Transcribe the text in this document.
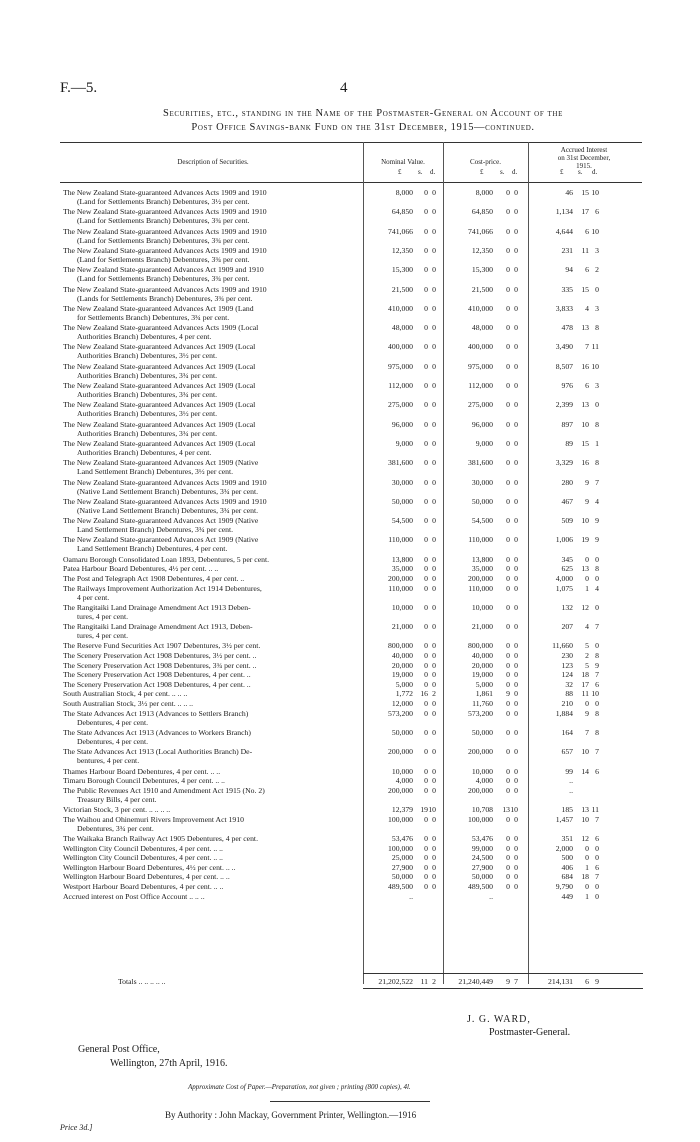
F.—5.	4
Securities, etc., standing in the Name of the Postmaster-General on Account of the
Post Office Savings-bank Fund on the 31st December, 1915—continued.
Description of Securities.	Nominal Value.	Cost-price.
Accrued Interest
on 31st December,
1915.
£ s. d.	£ s. d.	£ s. d.
The New Zealand State-guaranteed Advances Acts 1909 and 1910
(Land for Settlements Branch) Debentures, 3½ per cent.
8,000	0 0	8,000	0 0	46	15 10
The New Zealand State-guaranteed Advances Acts 1909 and 1910
(Land for Settlements Branch) Debentures, 3¾ per cent.
64,850	0 0	64,850	0 0	1,134	17 6
The New Zealand State-guaranteed Advances Acts 1909 and 1910
(Land for Settlements Branch) Debentures, 3¾ per cent.
741,066	0 0	741,066	0 0	4,644	6 10
The New Zealand State-guaranteed Advances Acts 1909 and 1910
(Land for Settlements Branch) Debentures, 3¾ per cent.
12,350	0 0	12,350	0 0	231	11 3
The New Zealand State-guaranteed Advances Act 1909 and 1910
(Land for Settlements Branch) Debentures, 3¾ per cent.
15,300	0 0	15,300	0 0	94	6 2
The New Zealand State-guaranteed Advances Acts 1909 and 1910
(Lands for Settlements Branch) Debentures, 3¾ per cent.
21,500	0 0	21,500	0 0	335	15 0
The New Zealand State-guaranteed Advances Act 1909 (Land
for Settlements Branch) Debentures, 3¾ per cent.
410,000	0 0	410,000	0 0	3,833	4 3
The New Zealand State-guaranteed Advances Acts 1909 (Local
Authorities Branch) Debentures, 4 per cent.
48,000	0 0	48,000	0 0	478	13 8
The New Zealand State-guaranteed Advances Act 1909 (Local
Authorities Branch) Debentures, 3½ per cent.
400,000	0 0	400,000	0 0	3,490	7 11
The New Zealand State-guaranteed Advances Act 1909 (Local
Authorities Branch) Debentures, 3¾ per cent.
975,000	0 0	975,000	0 0	8,507	16 10
The New Zealand State-guaranteed Advances Act 1909 (Local
Authorities Branch) Debentures, 3¾ per cent.
112,000	0 0	112,000	0 0	976	6 3
The New Zealand State-guaranteed Advances Act 1909 (Local
Authorities Branch) Debentures, 3½ per cent.
275,000	0 0	275,000	0 0	2,399	13 0
The New Zealand State-guaranteed Advances Act 1909 (Local
Authorities Branch) Debentures, 3¾ per cent.
96,000	0 0	96,000	0 0	897	10 8
The New Zealand State-guaranteed Advances Act 1909 (Local
Authorities Branch) Debentures, 4 per cent.
9,000	0 0	9,000	0 0	89	15 1
The New Zealand State-guaranteed Advances Act 1909 (Native
Land Settlement Branch) Debentures, 3½ per cent.
381,600	0 0	381,600	0 0	3,329	16 8
The New Zealand State-guaranteed Advances Acts 1909 and 1910
(Native Land Settlement Branch) Debentures, 3¾ per cent.
30,000	0 0	30,000	0 0	280	9 7
The New Zealand State-guaranteed Advances Acts 1909 and 1910
(Native Land Settlement Branch) Debentures, 3¾ per cent.
50,000	0 0	50,000	0 0	467	9 4
The New Zealand State-guaranteed Advances Act 1909 (Native
Land Settlement Branch) Debentures, 3¾ per cent.
54,500	0 0	54,500	0 0	509	10 9
The New Zealand State-guaranteed Advances Act 1909 (Native
Land Settlement Branch) Debentures, 4 per cent.
110,000	0 0	110,000	0 0	1,006	19 9
Oamaru Borough Consolidated Loan 1893, Debentures, 5 per cent.	13,800	0 0	13,800	0 0	345	0 0
Patea Harbour Board Debentures, 4½ per cent. .. ..	35,000	0 0	35,000	0 0	625	13 8
The Post and Telegraph Act 1908 Debentures, 4 per cent. ..	200,000	0 0	200,000	0 0	4,000	0 0
The Railways Improvement Authorization Act 1914 Debentures,
4 per cent.
110,000	0 0	110,000	0 0	1,075	1 4
The Rangitaiki Land Drainage Amendment Act 1913 Deben-
tures, 4 per cent.
10,000	0 0	10,000	0 0	132	12 0
The Rangitaiki Land Drainage Amendment Act 1913, Deben-
tures, 4 per cent.
21,000	0 0	21,000	0 0	207	4 7
The Reserve Fund Securities Act 1907 Debentures, 3½ per cent.	800,000	0 0	800,000	0 0	11,660	5 0
The Scenery Preservation Act 1908 Debentures, 3½ per cent. ..	40,000	0 0	40,000	0 0	230	2 8
The Scenery Preservation Act 1908 Debentures, 3¾ per cent. ..	20,000	0 0	20,000	0 0	123	5 9
The Scenery Preservation Act 1908 Debentures, 4 per cent. ..	19,000	0 0	19,000	0 0	124	18 7
The Scenery Preservation Act 1908 Debentures, 4 per cent. ..	5,000	0 0	5,000	0 0	32	17 6
South Australian Stock, 4 per cent. .. .. ..	1,772 16 2	1,861	9 0	88	11 10
South Australian Stock, 3½ per cent. .. .. ..	12,000	0 0	11,760	0 0	210	0 0
The State Advances Act 1913 (Advances to Settlers Branch)
Debentures, 4 per cent.
573,200	0 0	573,200	0 0	1,884	9 8
The State Advances Act 1913 (Advances to Workers Branch)
Debentures, 4 per cent.
50,000	0 0	50,000	0 0	164	7 8
The State Advances Act 1913 (Local Authorities Branch) De-
bentures, 4 per cent.
200,000	0 0	200,000	0 0	657	10 7
Thames Harbour Board Debentures, 4 per cent. .. ..	10,000	0 0	10,000	0 0	99	14 6
Timaru Borough Council Debentures, 4 per cent. .. ..	4,000	0 0	4,000	0 0	..
The Public Revenues Act 1910 and Amendment Act 1915 (No. 2)
Treasury Bills, 4 per cent.
200,000	0 0	200,000	0 0	..
Victorian Stock, 3 per cent. .. .. .. ..	12,379 19 10	10,708	13 10	185	13 11
The Waihou and Ohinemuri Rivers Improvement Act 1910
Debentures, 3¾ per cent.
100,000	0 0	100,000	0 0	1,457	10 7
The Waikaka Branch Railway Act 1905 Debentures, 4 per cent.	53,476	0 0	53,476	0 0	351	12 6
Wellington City Council Debentures, 4 per cent. .. ..	100,000	0 0	99,000	0 0	2,000	0 0
Wellington City Council Debentures, 4 per cent. .. ..	25,000	0 0	24,500	0 0	500	0 0
Wellington Harbour Board Debentures, 4½ per cent. .. ..	27,900	0 0	27,900	0 0	406	1 6
Wellington Harbour Board Debentures, 4 per cent. .. ..	50,000	0 0	50,000	0 0	684	18 7
Westport Harbour Board Debentures, 4 per cent. .. ..	489,500	0 0	489,500	0 0	9,790	0 0
Accrued interest on Post Office Account .. .. ..	..	..	449	1 0
Totals .. .. .. .. ..	21,202,522 11 2	21,240,449	9 7	214,131	6 9
J. G. WARD,
Postmaster-General.
General Post Office,
Wellington, 27th April, 1916.
Approximate Cost of Paper.—Preparation, not given ; printing (800 copies), 4l.
By Authority : John Mackay, Government Printer, Wellington.—1916
Price 3d.]
